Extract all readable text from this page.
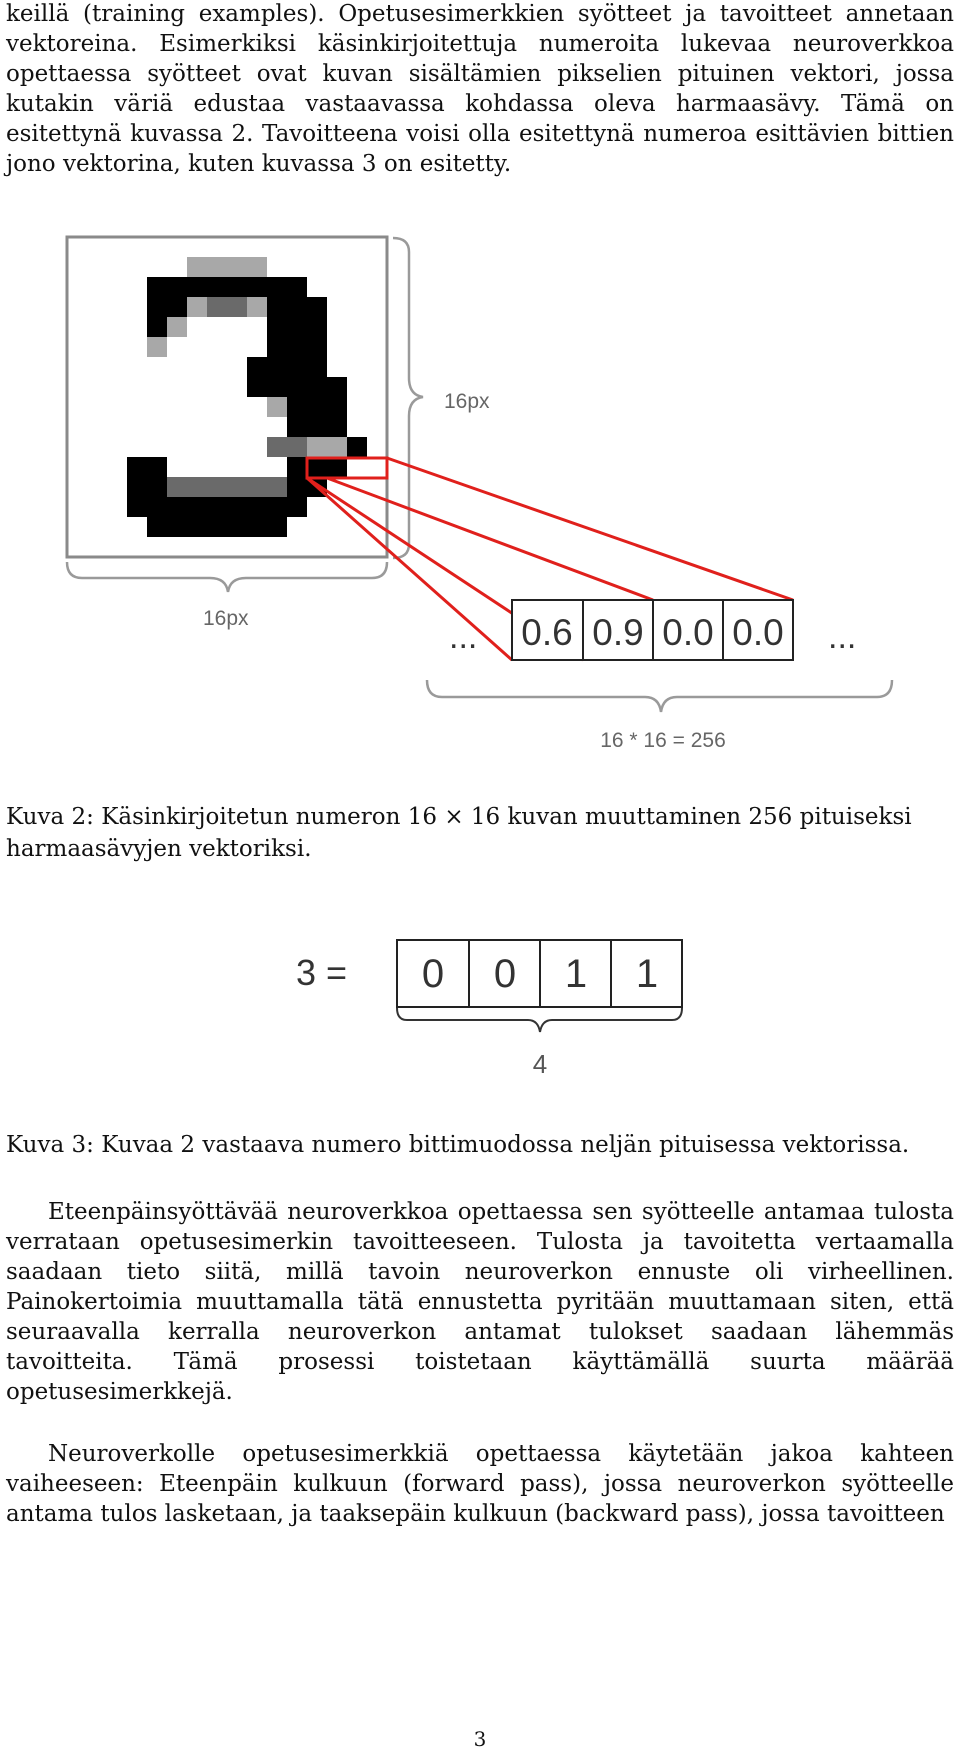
keillä (training examples). Opetusesimerkkien syötteet ja tavoitteet annetaan vektoreina. Esimerkiksi käsinkirjoitettuja numeroita lukevaa neuroverkkoa opettaessa syötteet ovat kuvan sisältämien pikselien pituinen vektori, jossa kutakin väriä edustaa vastaavassa kohdassa oleva harmaasävy. Tämä on esitettynä kuvassa 2. Tavoitteena voisi olla esitettynä numeroa esittävien bittien jono vektorina, kuten kuvassa 3 on esitetty.

16px
16px	0.6 0.9 0.0 0.0
...	...
16 * 16 = 256

Kuva 2: Käsinkirjoitetun numeron 16 × 16 kuvan muuttaminen 256 pituiseksi harmaasävyjen vektoriksi.

3 = 0 0 1 1
4

Kuva 3: Kuvaa 2 vastaava numero bittimuodossa neljän pituisessa vektorissa.

Eteenpäinsyöttävää neuroverkkoa opettaessa sen syötteelle antamaa tulosta verrataan opetusesimerkin tavoitteeseen. Tulosta ja tavoitetta vertaamalla saadaan tieto siitä, millä tavoin neuroverkon ennuste oli virheellinen. Painokertoimia muuttamalla tätä ennustetta pyritään muuttamaan siten, että seuraavalla kerralla neuroverkon antamat tulokset saadaan lähemmäs tavoitteita. Tämä prosessi toistetaan käyttämällä suurta määrää opetusesimerkkejä.

Neuroverkolle opetusesimerkkiä opettaessa käytetään jakoa kahteen vaiheeseen: Eteenpäin kulkuun (forward pass), jossa neuroverkon syötteelle antama tulos lasketaan, ja taaksepäin kulkuun (backward pass), jossa tavoitteen

3
